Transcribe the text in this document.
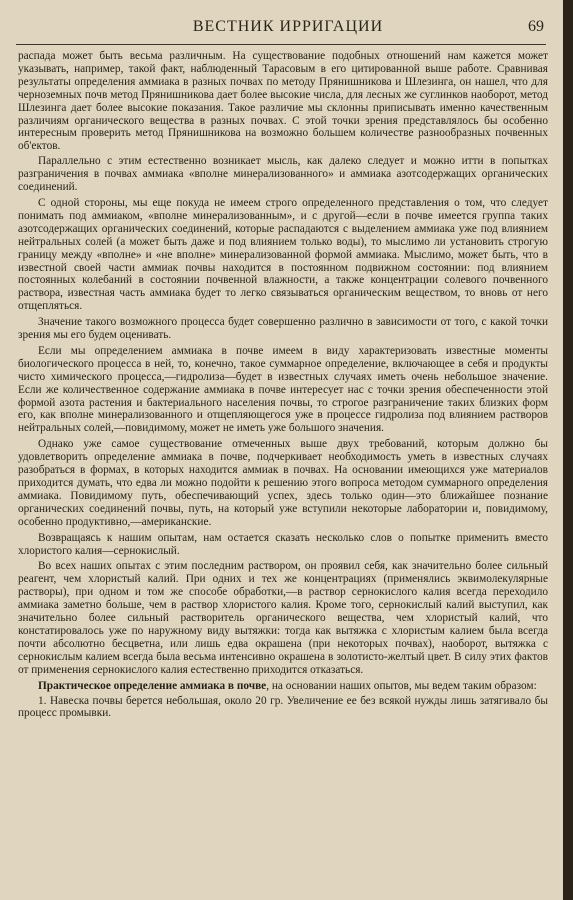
ВЕСТНИК ИРРИГАЦИИ	69

распада может быть весьма различным. На существование подобных отношений нам кажется может указывать, например, такой факт, наблюденный Тарасовым в его цитированной выше работе. Сравнивая результаты определения аммиака в разных почвах по методу Прянишникова и Шлезинга, он нашел, что для черноземных почв метод Прянишникова дает более высокие числа, для лесных же суглинков наоборот, метод Шлезинга дает более высокие показания. Такое различие мы склонны приписывать именно качественным различиям органического вещества в разных почвах. С этой точки зрения представлялось бы особенно интересным проверить метод Прянишникова на возможно большем количестве разнообразных почвенных об'ектов.

Параллельно с этим естественно возникает мысль, как далеко следует и можно итти в попытках разграничения в почвах аммиака «вполне минерализованного» и аммиака азотсодержащих органических соединений.

С одной стороны, мы еще покуда не имеем строго определенного представления о том, что следует понимать под аммиаком, «вполне минерализованным», и с другой—если в почве имеется группа таких азотсодержащих органических соединений, которые распадаются с выделением аммиака уже под влиянием нейтральных солей (а может быть даже и под влиянием только воды), то мыслимо ли установить строгую границу между «вполне» и «не вполне» минерализованной формой аммиака. Мыслимо, может быть, что в известной своей части аммиак почвы находится в постоянном подвижном состоянии: под влиянием постоянных колебаний в состоянии почвенной влажности, а также концентрации солевого почвенного раствора, известная часть аммиака будет то легко связываться органическим веществом, то вновь от него отщепляться.

Значение такого возможного процесса будет совершенно различно в зависимости от того, с какой точки зрения мы его будем оценивать.

Если мы определением аммиака в почве имеем в виду характеризовать известные моменты биологического процесса в ней, то, конечно, такое суммарное определение, включающее в себя и продукты чисто химического процесса,—гидролиза—будет в известных случаях иметь очень небольшое значение. Если же количественное содержание аммиака в почве интересует нас с точки зрения обеспеченности этой формой азота растения и бактериального населения почвы, то строгое разграничение таких близких форм его, как вполне минерализованного и отщепляющегося уже в процессе гидролиза под влиянием растворов нейтральных солей,—повидимому, может не иметь уже большого значения.

Однако уже самое существование отмеченных выше двух требований, которым должно бы удовлетворить определение аммиака в почве, подчеркивает необходимость уметь в известных случаях разобраться в формах, в которых находится аммиак в почвах. На основании имеющихся уже материалов приходится думать, что едва ли можно подойти к решению этого вопроса методом суммарного определения аммиака. Повидимому путь, обеспечивающий успех, здесь только один—это ближайшее познание органических соединений почвы, путь, на который уже вступили некоторые лаборатории и, повидимому, особенно продуктивно,—американские.

Возвращаясь к нашим опытам, нам остается сказать несколько слов о попытке применить вместо хлористого калия—сернокислый.

Во всех наших опытах с этим последним раствором, он проявил себя, как значительно более сильный реагент, чем хлористый калий. При одних и тех же концентрациях (применялись эквимолекулярные растворы), при одном и том же способе обработки,—в раствор сернокислого калия всегда переходило аммиака заметно больше, чем в раствор хлористого калия. Кроме того, сернокислый калий выступил, как значительно более сильный растворитель органического вещества, чем хлористый калий, что констатировалось уже по наружному виду вытяжки: тогда как вытяжка с хлористым калием была всегда почти абсолютно бесцветна, или лишь едва окрашена (при некоторых почвах), наоборот, вытяжка с сернокислым калием всегда была весьма интенсивно окрашена в золотисто-желтый цвет. В силу этих фактов от применения сернокислого калия естественно приходится отказаться.

Практическое определение аммиака в почве, на основании наших опытов, мы ведем таким образом:

1. Навеска почвы берется небольшая, около 20 гр. Увеличение ее без всякой нужды лишь затягивало бы процесс промывки.
